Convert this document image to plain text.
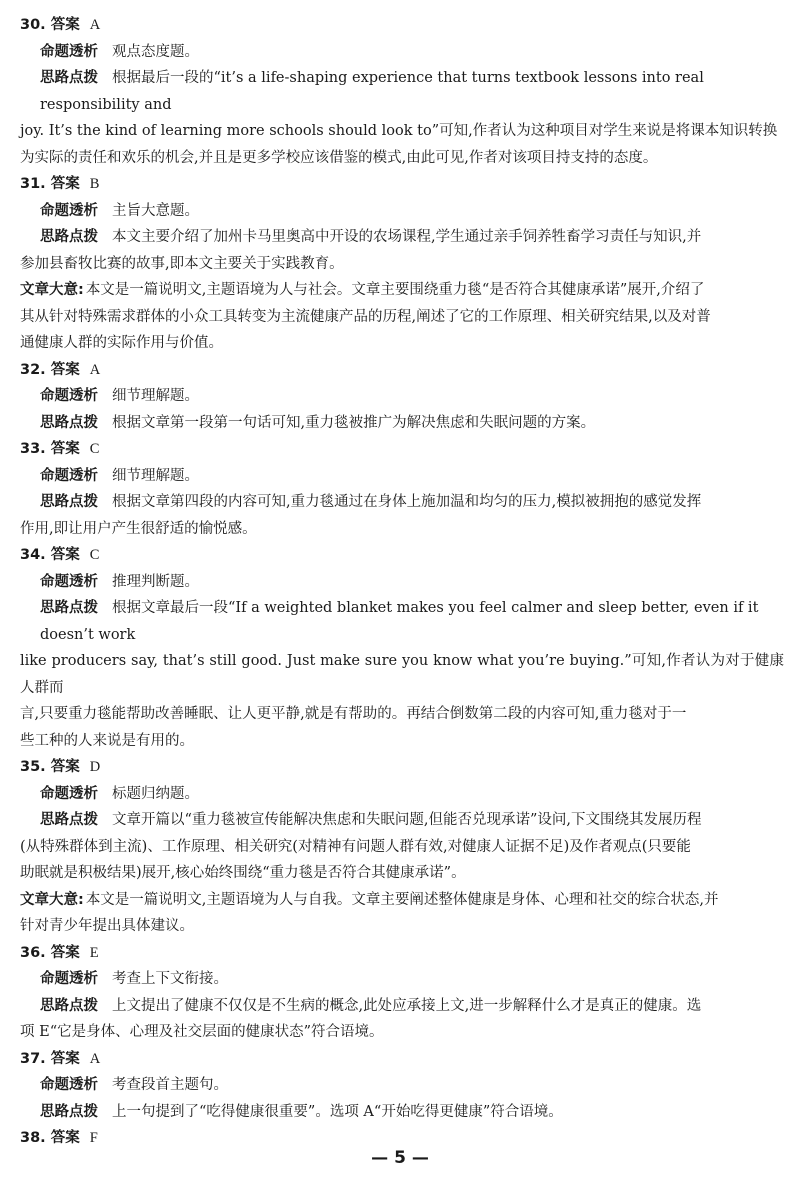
30. 答案 A

命题透析 观点态度题。

思路点拨 根据最后一段的“it’s a life-shaping experience that turns textbook lessons into real responsibility and

joy. It’s the kind of learning more schools should look to”可知,作者认为这种项目对学生来说是将课本知识转换

为实际的责任和欢乐的机会,并且是更多学校应该借鉴的模式,由此可见,作者对该项目持支持的态度。

31. 答案 B

命题透析 主旨大意题。

思路点拨 本文主要介绍了加州卡马里奥高中开设的农场课程,学生通过亲手饲养牲畜学习责任与知识,并

参加县畜牧比赛的故事,即本文主要关于实践教育。

文章大意: 本文是一篇说明文,主题语境为人与社会。文章主要围绕重力毯“是否符合其健康承诺”展开,介绍了

其从针对特殊需求群体的小众工具转变为主流健康产品的历程,阐述了它的工作原理、相关研究结果,以及对普

通健康人群的实际作用与价值。

32. 答案 A

命题透析 细节理解题。

思路点拨 根据文章第一段第一句话可知,重力毯被推广为解决焦虑和失眠问题的方案。

33. 答案 C

命题透析 细节理解题。

思路点拨 根据文章第四段的内容可知,重力毯通过在身体上施加温和均匀的压力,模拟被拥抱的感觉发挥

作用,即让用户产生很舒适的愉悦感。

34. 答案 C

命题透析 推理判断题。

思路点拨 根据文章最后一段“If a weighted blanket makes you feel calmer and sleep better, even if it doesn’t work

like producers say, that’s still good. Just make sure you know what you’re buying.”可知,作者认为对于健康人群而

言,只要重力毯能帮助改善睡眠、让人更平静,就是有帮助的。再结合倒数第二段的内容可知,重力毯对于一

些工种的人来说是有用的。

35. 答案 D

命题透析 标题归纳题。

思路点拨 文章开篇以“重力毯被宣传能解决焦虑和失眠问题,但能否兑现承诺”设问,下文围绕其发展历程

(从特殊群体到主流)、工作原理、相关研究(对精神有问题人群有效,对健康人证据不足)及作者观点(只要能

助眠就是积极结果)展开,核心始终围绕“重力毯是否符合其健康承诺”。

文章大意: 本文是一篇说明文,主题语境为人与自我。文章主要阐述整体健康是身体、心理和社交的综合状态,并

针对青少年提出具体建议。

36. 答案 E

命题透析 考查上下文衔接。

思路点拨 上文提出了健康不仅仅是不生病的概念,此处应承接上文,进一步解释什么才是真正的健康。选

项 E“它是身体、心理及社交层面的健康状态”符合语境。

37. 答案 A

命题透析 考查段首主题句。

思路点拨 上一句提到了“吃得健康很重要”。选项 A“开始吃得更健康”符合语境。

38. 答案 F

— 5 —
